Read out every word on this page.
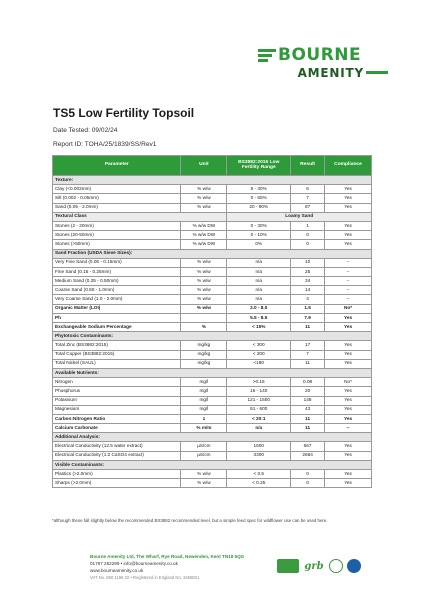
BOURNE
AMENITY
TS5 Low Fertility Topsoil
Date Tested: 09/02/24
Report ID: TOHA/25/1839/SS/Rev1
Parameter	Unit	BS3882:2015 Low Fertility Range	Result	Compliance
Texture:				
Clay (<0.002mm)	% w/w	5 - 30%	6	Yes
Silt (0.002 - 0.05mm)	% w/w	0 - 65%	7	Yes
Sand (0.05 - 2.0mm)	% w/w	20 - 90%	87	Yes
Textural Class		Loamy Sand		
Stones (2 - 20mm)	% w/w DW	0 - 30%	1	Yes
Stones (20-50mm)	% w/w DW	0 - 10%	0	Yes
Stones (>50mm)	% w/w DW	0%	0	Yes
Sand Fraction (USDA Sieve Sizes):				
Very Fine Sand (0.05 - 0.15mm)	% w/w	n/a	10	--
Fine Sand (0.15 - 0.25mm)	% w/w	n/a	25	--
Medium Sand (0.25 - 0.50mm)	% w/w	n/a	34	--
Coarse Sand (0.50 - 1.0mm)	% w/w	n/a	14	--
Very Coarse Sand (1.0 - 2.0mm)	% w/w	n/a	4	--
Organic Matter (LOI)	% w/w	2.0 - 8.0	1.5	No*
Ph		5.5 - 8.5	7.9	Yes
Exchangeable Sodium Percentage	%	< 15%	11	Yes
Phytotoxic Contaminants:				
Total Zinc (BS3882:2015)	mg/kg	< 300	17	Yes
Total Copper (BS3882:2015)	mg/kg	< 200	7	Yes
Total Nickel (SAUL)	mg/kg	<180	11	Yes
Available Nutrients:				
Nitrogen	mg/l	>0.15	0.08	No*
Phosphorus	mg/l	16 - 140	20	Yes
Potassium	mg/l	121 - 1500	148	Yes
Magnesium	mg/l	51 - 600	43	Yes
Carbon:Nitrogen Ratio	1	< 20:1	11	Yes
Calcium Carbonate	% m/m	n/a	11	--
Additional Analysis:				
Electrical Conductivity (12.5 water extract)	µS/cm	1500	667	Yes
Electrical Conductivity (1:2 CaSO4 extract)	µS/cm	3300	2684	Yes
Visible Contaminants:				
Plastics (>2.0mm)	% w/w	< 0.5	0	Yes
Sharps (>2.0mm)	% w/w	< 0.25	0	Yes
*although these fall slightly below the recommended BS3882 recommended level, but a simple feed spec for wildflower use can be used here.
Bourne Amenity Ltd, The Wharf, Rye Road, Newenden, Kent TN18 5QG
01797 252299 • info@bourneamenity.co.uk
www.bourneamenity.co.uk
VAT No. 860 1196 22 • Registered in England No. 3458821
grb
